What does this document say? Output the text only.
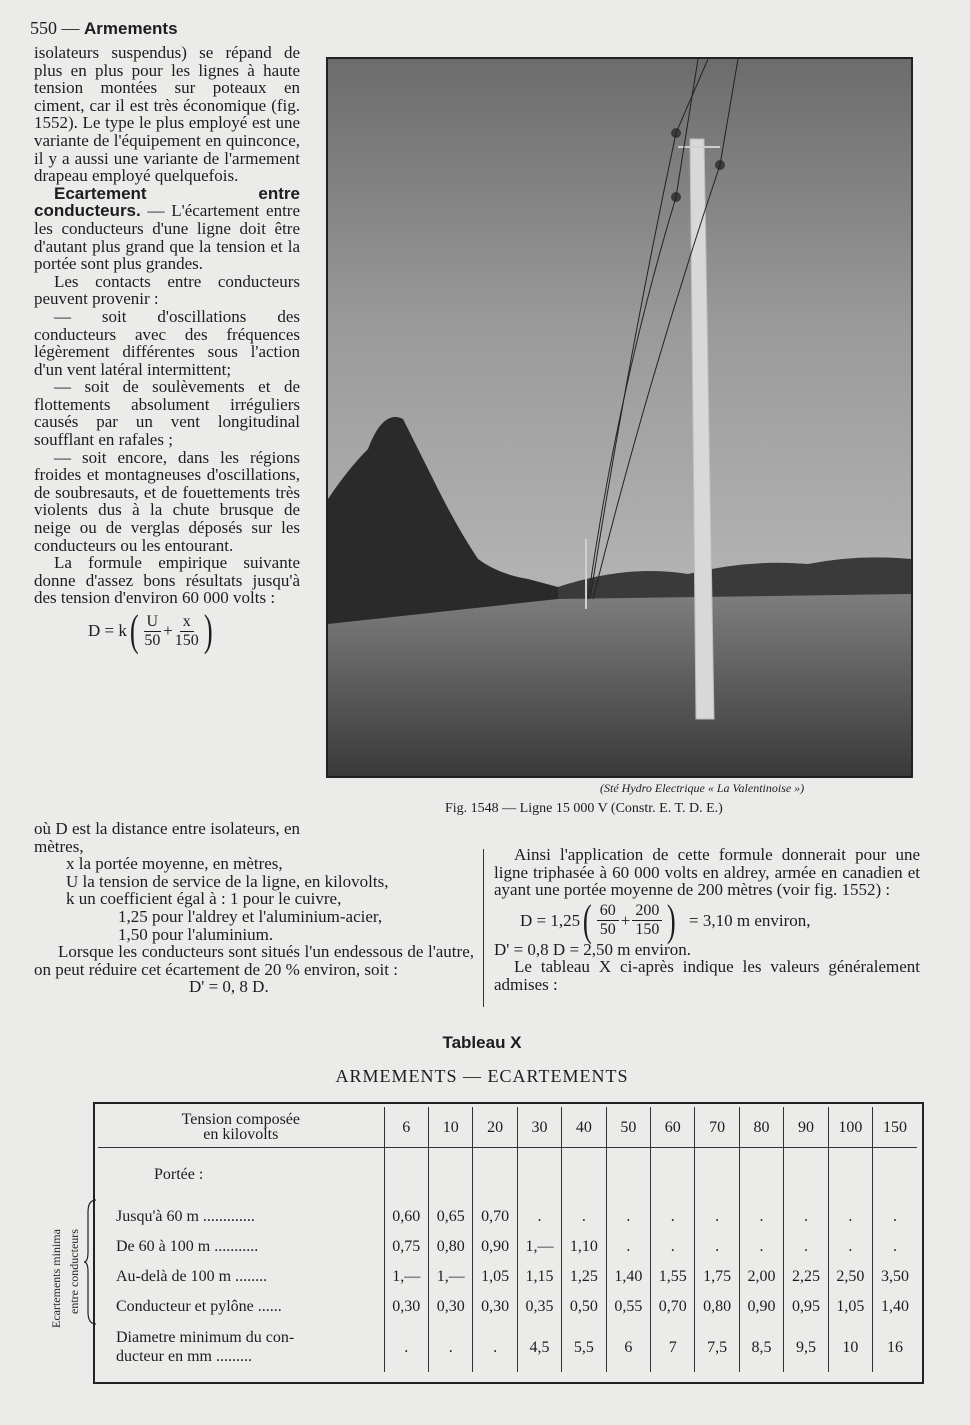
550 — Armements

isolateurs suspendus) se répand de plus en plus pour les lignes à haute tension montées sur poteaux en ciment, car il est très économique (fig. 1552). Le type le plus employé est une variante de l'équipement en quinconce, il y a aussi une variante de l'armement drapeau employé quelquefois.

Ecartement entre conducteurs. — L'écartement entre les conducteurs d'une ligne doit être d'autant plus grand que la tension et la portée sont plus grandes.

Les contacts entre conducteurs peuvent provenir :

— soit d'oscillations des conducteurs avec des fréquences légèrement différentes sous l'action d'un vent latéral intermittent;

— soit de soulèvements et de flottements absolument irréguliers causés par un vent longitudinal soufflant en rafales ;

— soit encore, dans les régions froides et montagneuses d'oscillations, de soubresauts, et de fouettements très violents dus à la chute brusque de neige ou de verglas déposés sur les conducteurs ou les entourant.

La formule empirique suivante donne d'assez bons résultats jusqu'à des tension d'environ 60 000 volts :

D = k ( $\frac{U}{50} + \frac{x}{150}$ )
(Sté Hydro Electrique « La Valentinoise »)
Fig. 1548 — Ligne 15 000 V (Constr. E. T. D. E.)

où D est la distance entre isolateurs, en mètres,

x la portée moyenne, en mètres,

U la tension de service de la ligne, en kilovolts,

k un coefficient égal à : 1 pour le cuivre,

1,25 pour l'aldrey et l'aluminium-acier,

1,50 pour l'aluminium.

Lorsque les conducteurs sont situés l'un endessous de l'autre, on peut réduire cet écartement de 20 % environ, soit :

D' = 0, 8 D.

Ainsi l'application de cette formule donnerait pour une ligne triphasée à 60 000 volts en aldrey, armée en canadien et ayant une portée moyenne de 200 mètres (voir fig. 1552) :

D = 1,25 ( $\frac{60}{50} + \frac{200}{150}$ ) = 3,10 m environ,

D' = 0,8 D = 2,50 m environ.

Le tableau X ci-après indique les valeurs généralement admises :

Tableau X
ARMEMENTS — ECARTEMENTS
Tension composée
en kilovolts	6	10	20	30	40	50	60	70	80	90	100	150
Portée :												
Jusqu'à 60 m .............	0,60	0,65	0,70	.	.	.	.	.	.	.	.	.
De 60 à 100 m ...........	0,75	0,80	0,90	1,—	1,10	.	.	.	.	.	.	.
Au-delà de 100 m ........	1,—	1,—	1,05	1,15	1,25	1,40	1,55	1,75	2,00	2,25	2,50	3,50
Conducteur et pylône ......	0,30	0,30	0,30	0,35	0,50	0,55	0,70	0,80	0,90	0,95	1,05	1,40
Diametre minimum du con-
ducteur en mm .........	.	.	.	4,5	5,5	6	7	7,5	8,5	9,5	10	16
Ecartements minima entre conducteurs
